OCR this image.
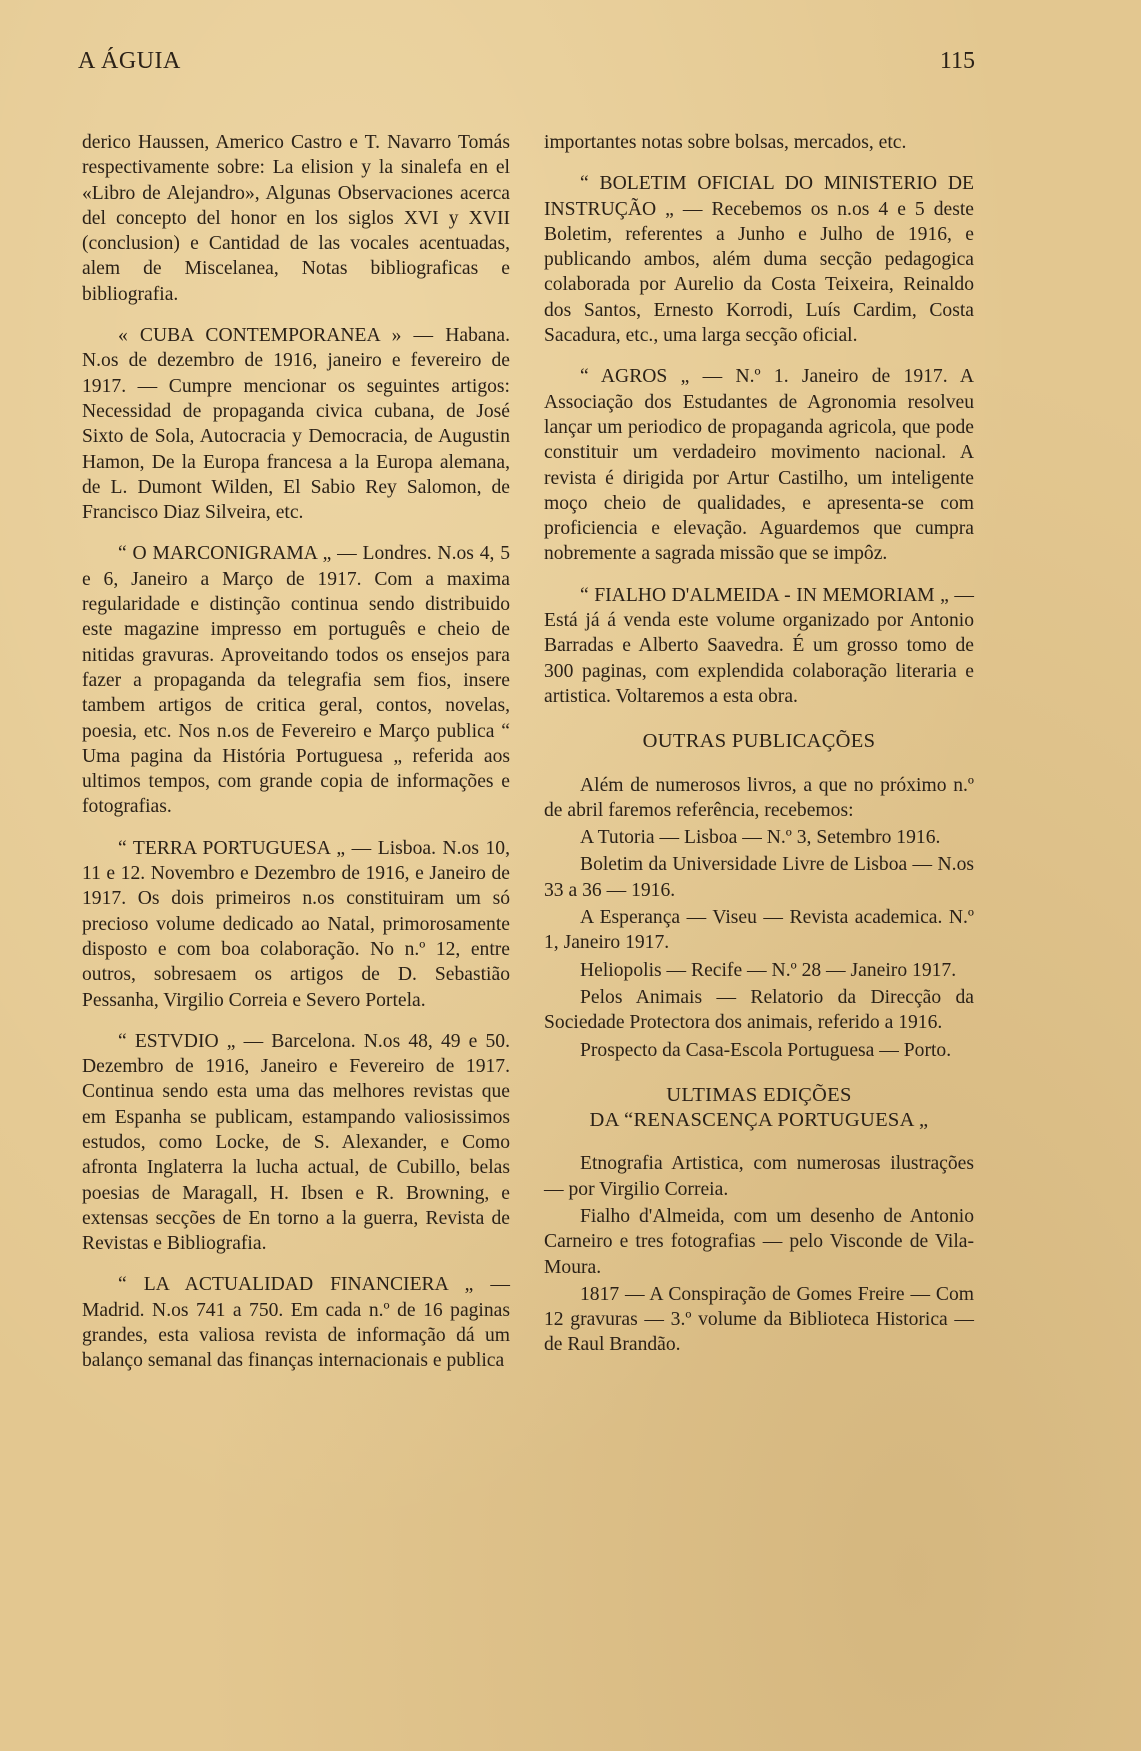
A ÁGUIA	115

derico Haussen, Americo Castro e T. Navarro Tomás respectivamente sobre: La elision y la sinalefa en el «Libro de Alejandro», Algunas Observaciones acerca del concepto del honor en los siglos XVI y XVII (conclusion) e Cantidad de las vocales acentuadas, alem de Miscelanea, Notas bibliograficas e bibliografia.

« CUBA CONTEMPORANEA » — Habana. N.os de dezembro de 1916, janeiro e fevereiro de 1917. — Cumpre mencionar os seguintes artigos: Necessidad de propaganda civica cubana, de José Sixto de Sola, Autocracia y Democracia, de Augustin Hamon, De la Europa francesa a la Europa alemana, de L. Dumont Wilden, El Sabio Rey Salomon, de Francisco Diaz Silveira, etc.

“ O MARCONIGRAMA „ — Londres. N.os 4, 5 e 6, Janeiro a Março de 1917. Com a maxima regularidade e distinção continua sendo distribuido este magazine impresso em português e cheio de nitidas gravuras. Aproveitando todos os ensejos para fazer a propaganda da telegrafia sem fios, insere tambem artigos de critica geral, contos, novelas, poesia, etc. Nos n.os de Fevereiro e Março publica “ Uma pagina da História Portuguesa „ referida aos ultimos tempos, com grande copia de informações e fotografias.

“ TERRA PORTUGUESA „ — Lisboa. N.os 10, 11 e 12. Novembro e Dezembro de 1916, e Janeiro de 1917. Os dois primeiros n.os constituiram um só precioso volume dedicado ao Natal, primorosamente disposto e com boa colaboração. No n.º 12, entre outros, sobresaem os artigos de D. Sebastião Pessanha, Virgilio Correia e Severo Portela.

“ ESTVDIO „ — Barcelona. N.os 48, 49 e 50. Dezembro de 1916, Janeiro e Fevereiro de 1917. Continua sendo esta uma das melhores revistas que em Espanha se publicam, estampando valiosissimos estudos, como Locke, de S. Alexander, e Como afronta Inglaterra la lucha actual, de Cubillo, belas poesias de Maragall, H. Ibsen e R. Browning, e extensas secções de En torno a la guerra, Revista de Revistas e Bibliografia.

“ LA ACTUALIDAD FINANCIERA „ — Madrid. N.os 741 a 750. Em cada n.º de 16 paginas grandes, esta valiosa revista de informação dá um balanço semanal das finanças internacionais e publica

importantes notas sobre bolsas, mercados, etc.

“ BOLETIM OFICIAL DO MINISTERIO DE INSTRUÇÃO „ — Recebemos os n.os 4 e 5 deste Boletim, referentes a Junho e Julho de 1916, e publicando ambos, além duma secção pedagogica colaborada por Aurelio da Costa Teixeira, Reinaldo dos Santos, Ernesto Korrodi, Luís Cardim, Costa Sacadura, etc., uma larga secção oficial.

“ AGROS „ — N.º 1. Janeiro de 1917. A Associação dos Estudantes de Agronomia resolveu lançar um periodico de propaganda agricola, que pode constituir um verdadeiro movimento nacional. A revista é dirigida por Artur Castilho, um inteligente moço cheio de qualidades, e apresenta-se com proficiencia e elevação. Aguardemos que cumpra nobremente a sagrada missão que se impôz.

“ FIALHO D'ALMEIDA - IN MEMORIAM „ — Está já á venda este volume organizado por Antonio Barradas e Alberto Saavedra. É um grosso tomo de 300 paginas, com explendida colaboração literaria e artistica. Voltaremos a esta obra.

OUTRAS PUBLICAÇÕES

Além de numerosos livros, a que no próximo n.º de abril faremos referência, recebemos:

A Tutoria — Lisboa — N.º 3, Setembro 1916.

Boletim da Universidade Livre de Lisboa — N.os 33 a 36 — 1916.

A Esperança — Viseu — Revista academica. N.º 1, Janeiro 1917.

Heliopolis — Recife — N.º 28 — Janeiro 1917.

Pelos Animais — Relatorio da Direcção da Sociedade Protectora dos animais, referido a 1916.

Prospecto da Casa-Escola Portuguesa — Porto.

ULTIMAS EDIÇÕES
DA “RENASCENÇA PORTUGUESA „

Etnografia Artistica, com numerosas ilustrações — por Virgilio Correia.

Fialho d'Almeida, com um desenho de Antonio Carneiro e tres fotografias — pelo Visconde de Vila-Moura.

1817 — A Conspiração de Gomes Freire — Com 12 gravuras — 3.º volume da Biblioteca Historica — de Raul Brandão.
